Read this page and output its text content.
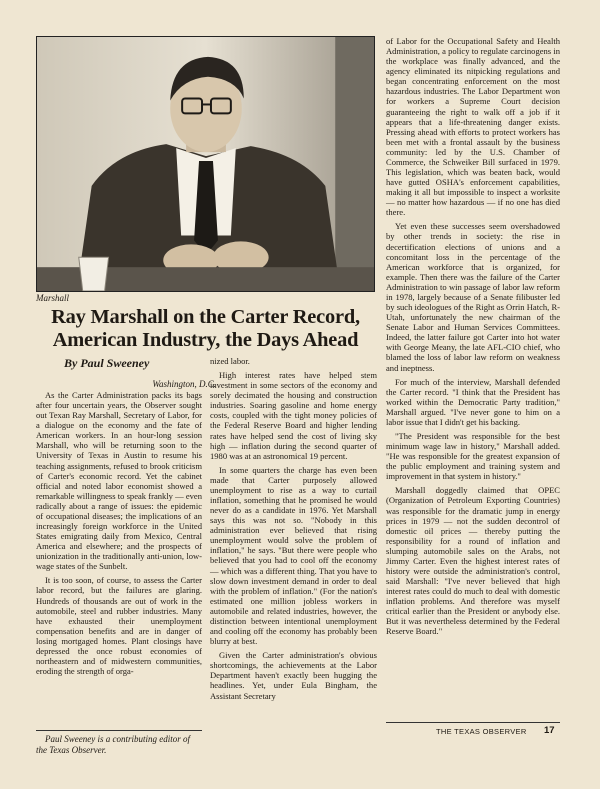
Marshall
Ray Marshall on the Carter Record, American Industry, the Days Ahead
By Paul Sweeney
Washington, D.C.

As the Carter Administration packs its bags after four uncertain years, the Observer sought out Texan Ray Marshall, Secretary of Labor, for a dialogue on the economy and the fate of American workers. In an hour-long session Marshall, who will be returning soon to the University of Texas in Austin to resume his teaching assignments, refused to brook criticism of Carter's economic record. Yet the cabinet official and noted labor economist showed a remarkable willingness to speak frankly — even radically about a range of issues: the epidemic of occupational diseases; the implications of an increasingly foreign workforce in the United States emigrating daily from Mexico, Central America and elsewhere; and the prospects of unionization in the traditionally anti-union, low-wage states of the Sunbelt.

It is too soon, of course, to assess the Carter labor record, but the failures are glaring. Hundreds of thousands are out of work in the automobile, steel and rubber industries. Many have exhausted their unemployment compensation benefits and are in danger of losing mortgaged homes. Plant closings have depressed the once robust economies of northeastern and of midwestern communities, eroding the strength of orga-

Paul Sweeney is a contributing editor of the Texas Observer.

nized labor.

High interest rates have helped stem investment in some sectors of the economy and sorely decimated the housing and construction industries. Soaring gasoline and home energy costs, coupled with the tight money policies of the Federal Reserve Board and higher lending rates have helped send the cost of living sky high — inflation during the second quarter of 1980 was at an astronomical 19 percent.

In some quarters the charge has even been made that Carter purposely allowed unemployment to rise as a way to curtail inflation, something that he promised he would never do as a candidate in 1976. Yet Marshall says this was not so. "Nobody in this administration ever believed that rising unemployment would solve the problem of inflation," he says. "But there were people who believed that you had to cool off the economy — which was a different thing. That you have to slow down investment demand in order to deal with the problem of inflation." (For the nation's estimated one million jobless workers in automobile and related industries, however, the distinction between intentional unemployment and cooling off the economy has probably been blurry at best.

Given the Carter administration's obvious shortcomings, the achievements at the Labor Department haven't exactly been hugging the headlines. Yet, under Eula Bingham, the Assistant Secretary

of Labor for the Occupational Safety and Health Administration, a policy to regulate carcinogens in the workplace was finally advanced, and the agency eliminated its nitpicking regulations and began concentrating enforcement on the most hazardous industries. The Labor Department won for workers a Supreme Court decision guaranteeing the right to walk off a job if it appears that a life-threatening danger exists. Pressing ahead with efforts to protect workers has been met with a frontal assault by the business community: led by the U.S. Chamber of Commerce, the Schweiker Bill surfaced in 1979. This legislation, which was beaten back, would have gutted OSHA's enforcement capabilities, making it all but impossible to inspect a worksite — no matter how hazardous — if no one has died there.

Yet even these successes seem overshadowed by other trends in society: the rise in decertification elections of unions and a concomitant loss in the percentage of the American workforce that is organized, for example. Then there was the failure of the Carter Administration to win passage of labor law reform in 1978, largely because of a Senate filibuster led by such ideologues of the Right as Orrin Hatch, R-Utah, unfortunately the new chairman of the Senate Labor and Human Services Committees. Indeed, the latter failure got Carter into hot water with George Meany, the late AFL-CIO chief, who blamed the loss of labor law reform on weakness and ineptness.

For much of the interview, Marshall defended the Carter record. "I think that the President has worked within the Democratic Party tradition," Marshall argued. "I've never gone to him on a labor issue that I didn't get his backing.

"The President was responsible for the best minimum wage law in history," Marshall added. "He was responsible for the greatest expansion of the public employment and training system and improvement in that system in history."

Marshall doggedly claimed that OPEC (Organization of Petroleum Exporting Countries) was responsible for the dramatic jump in energy prices in 1979 — not the sudden decontrol of domestic oil prices — thereby putting the responsibility for a round of inflation and slumping automobile sales on the Arabs, not Jimmy Carter. Even the highest interest rates of history were outside the administration's control, said Marshall: "I've never believed that high interest rates could do much to deal with domestic inflation problems. And therefore was myself critical earlier than the President or anybody else. But it was nevertheless determined by the Federal Reserve Board."

THE TEXAS OBSERVER 17
